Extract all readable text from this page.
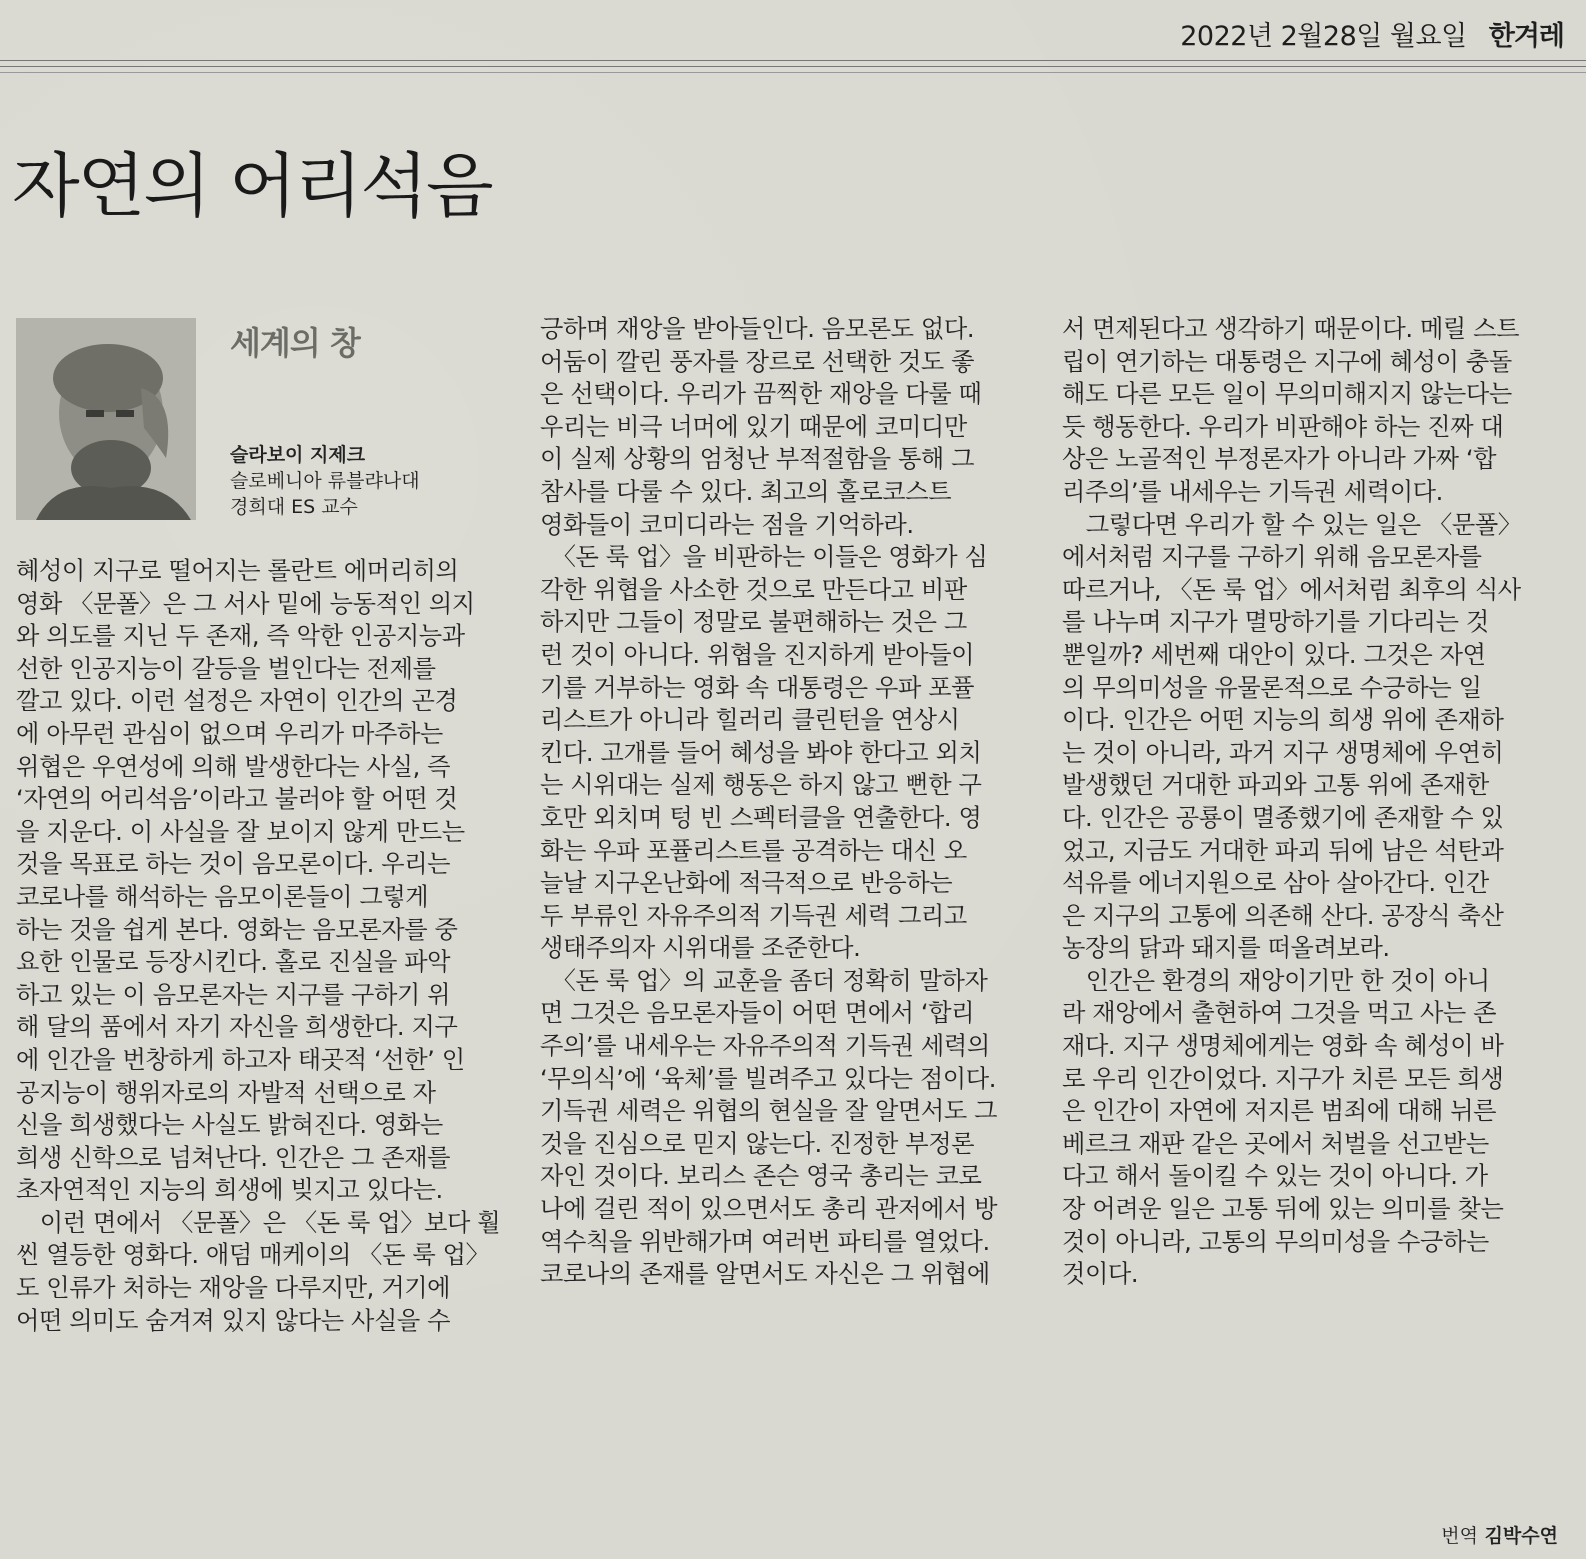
2022년 2월28일 월요일 한겨레
자연의 어리석음
세계의 창
슬라보이 지제크
슬로베니아 류블랴나대
경희대 ES 교수
혜성이 지구로 떨어지는 롤란트 에머리히의
영화 〈문폴〉은 그 서사 밑에 능동적인 의지
와 의도를 지닌 두 존재, 즉 악한 인공지능과
선한 인공지능이 갈등을 벌인다는 전제를
깔고 있다. 이런 설정은 자연이 인간의 곤경
에 아무런 관심이 없으며 우리가 마주하는
위협은 우연성에 의해 발생한다는 사실, 즉
‘자연의 어리석음’이라고 불러야 할 어떤 것
을 지운다. 이 사실을 잘 보이지 않게 만드는
것을 목표로 하는 것이 음모론이다. 우리는
코로나를 해석하는 음모이론들이 그렇게
하는 것을 쉽게 본다. 영화는 음모론자를 중
요한 인물로 등장시킨다. 홀로 진실을 파악
하고 있는 이 음모론자는 지구를 구하기 위
해 달의 품에서 자기 자신을 희생한다. 지구
에 인간을 번창하게 하고자 태곳적 ‘선한’ 인
공지능이 행위자로의 자발적 선택으로 자
신을 희생했다는 사실도 밝혀진다. 영화는
희생 신학으로 넘쳐난다. 인간은 그 존재를
초자연적인 지능의 희생에 빚지고 있다는.
　이런 면에서 〈문폴〉은 〈돈 룩 업〉보다 훨
씬 열등한 영화다. 애덤 매케이의 〈돈 룩 업〉
도 인류가 처하는 재앙을 다루지만, 거기에
어떤 의미도 숨겨져 있지 않다는 사실을 수
긍하며 재앙을 받아들인다. 음모론도 없다.
어둠이 깔린 풍자를 장르로 선택한 것도 좋
은 선택이다. 우리가 끔찍한 재앙을 다룰 때
우리는 비극 너머에 있기 때문에 코미디만
이 실제 상황의 엄청난 부적절함을 통해 그
참사를 다룰 수 있다. 최고의 홀로코스트
영화들이 코미디라는 점을 기억하라.
　〈돈 룩 업〉을 비판하는 이들은 영화가 심
각한 위협을 사소한 것으로 만든다고 비판
하지만 그들이 정말로 불편해하는 것은 그
런 것이 아니다. 위협을 진지하게 받아들이
기를 거부하는 영화 속 대통령은 우파 포퓰
리스트가 아니라 힐러리 클린턴을 연상시
킨다. 고개를 들어 혜성을 봐야 한다고 외치
는 시위대는 실제 행동은 하지 않고 뻔한 구
호만 외치며 텅 빈 스펙터클을 연출한다. 영
화는 우파 포퓰리스트를 공격하는 대신 오
늘날 지구온난화에 적극적으로 반응하는
두 부류인 자유주의적 기득권 세력 그리고
생태주의자 시위대를 조준한다.
　〈돈 룩 업〉의 교훈을 좀더 정확히 말하자
면 그것은 음모론자들이 어떤 면에서 ‘합리
주의’를 내세우는 자유주의적 기득권 세력의
‘무의식’에 ‘육체’를 빌려주고 있다는 점이다.
기득권 세력은 위협의 현실을 잘 알면서도 그
것을 진심으로 믿지 않는다. 진정한 부정론
자인 것이다. 보리스 존슨 영국 총리는 코로
나에 걸린 적이 있으면서도 총리 관저에서 방
역수칙을 위반해가며 여러번 파티를 열었다.
코로나의 존재를 알면서도 자신은 그 위협에
서 면제된다고 생각하기 때문이다. 메릴 스트
립이 연기하는 대통령은 지구에 혜성이 충돌
해도 다른 모든 일이 무의미해지지 않는다는
듯 행동한다. 우리가 비판해야 하는 진짜 대
상은 노골적인 부정론자가 아니라 가짜 ‘합
리주의’를 내세우는 기득권 세력이다.
　그렇다면 우리가 할 수 있는 일은 〈문폴〉
에서처럼 지구를 구하기 위해 음모론자를
따르거나, 〈돈 룩 업〉에서처럼 최후의 식사
를 나누며 지구가 멸망하기를 기다리는 것
뿐일까? 세번째 대안이 있다. 그것은 자연
의 무의미성을 유물론적으로 수긍하는 일
이다. 인간은 어떤 지능의 희생 위에 존재하
는 것이 아니라, 과거 지구 생명체에 우연히
발생했던 거대한 파괴와 고통 위에 존재한
다. 인간은 공룡이 멸종했기에 존재할 수 있
었고, 지금도 거대한 파괴 뒤에 남은 석탄과
석유를 에너지원으로 삼아 살아간다. 인간
은 지구의 고통에 의존해 산다. 공장식 축산
농장의 닭과 돼지를 떠올려보라.
　인간은 환경의 재앙이기만 한 것이 아니
라 재앙에서 출현하여 그것을 먹고 사는 존
재다. 지구 생명체에게는 영화 속 혜성이 바
로 우리 인간이었다. 지구가 치른 모든 희생
은 인간이 자연에 저지른 범죄에 대해 뉘른
베르크 재판 같은 곳에서 처벌을 선고받는
다고 해서 돌이킬 수 있는 것이 아니다. 가
장 어려운 일은 고통 뒤에 있는 의미를 찾는
것이 아니라, 고통의 무의미성을 수긍하는
것이다.
번역 김박수연
